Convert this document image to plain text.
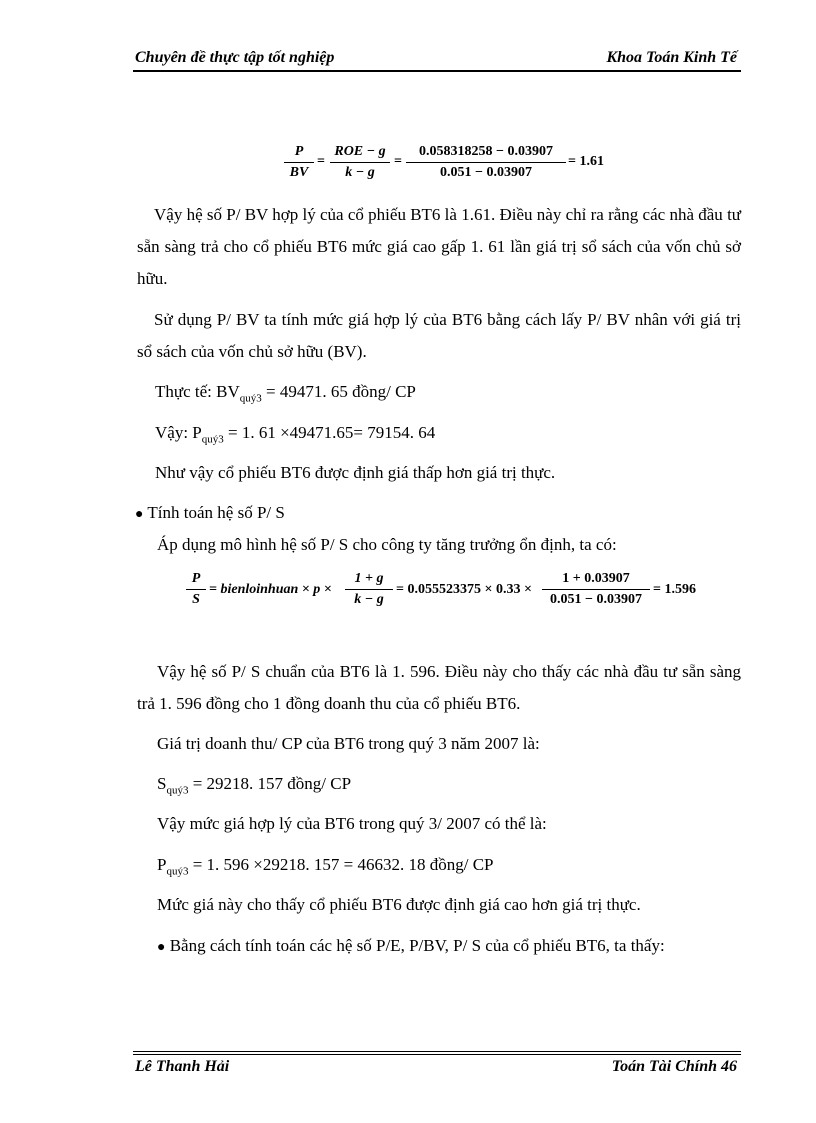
Chuyên đề thực tập tốt nghiệp	Khoa Toán Kinh Tế
$\frac{P}{BV}$ =
ROE − g
k − g
= $\frac{0.058318258 - 0.03907}{0.051 - 0.03907} = 1.61$
Vậy hệ số P/ BV hợp lý của cổ phiếu BT6 là 1.61. Điều này chỉ ra rằng các nhà đầu tư sẵn sàng trả cho cổ phiếu BT6 mức giá cao gấp 1. 61 lần giá trị sổ sách của vốn chủ sở hữu.
Sử dụng P/ BV ta tính mức giá hợp lý của BT6 bằng cách lấy P/ BV nhân với giá trị sổ sách của vốn chủ sở hữu (BV).
Thực tế: $BV_{quý3} = 49471$. 65 đồng/ CP
Vậy: $P_{quý3} = 1$. 61 ×49471.65= 79154. 64
Như vậy cổ phiếu BT6 được định giá thấp hơn giá trị thực.
● Tính toán hệ số P/ S
Áp dụng mô hình hệ số P/ S cho công ty tăng trưởng ổn định, ta có:
$\frac{P}{S}$ = bienloinhuan × $p \times \frac{1 + g}{k - g} = 0.055523375 \times 0.33 \times \frac{1 + 0.03907}{0.051 - 0.03907} = 1.596$
Vậy hệ số P/ S chuẩn của BT6 là 1. 596. Điều này cho thấy các nhà đầu tư sẵn sàng trả 1. 596 đồng cho 1 đồng doanh thu của cổ phiếu BT6.
Giá trị doanh thu/ CP của BT6 trong quý 3 năm 2007 là:
$S_{quý3} = 29218$. 157 đồng/ CP
Vậy mức giá hợp lý của BT6 trong quý 3/ 2007 có thể là:
$P_{quý3} = 1$. 596 ×29218. 157 = 46632. 18 đồng/ CP
Mức giá này cho thấy cổ phiếu BT6 được định giá cao hơn giá trị thực.
● Bằng cách tính toán các hệ số P/E, P/BV, P/ S của cổ phiếu BT6, ta thấy:
Lê Thanh Hải	Toán Tài Chính 46
